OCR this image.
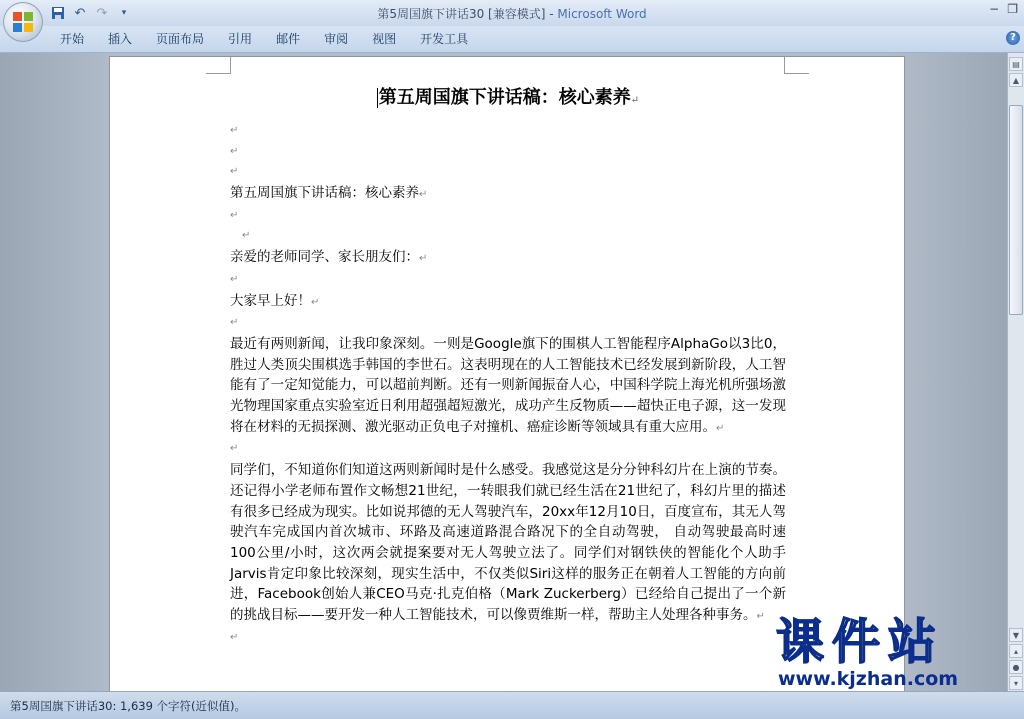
↶ ↷	▾	第5周国旗下讲话30 [兼容模式] - Microsoft Word	− ❐
开始	插入	页面布局	引用	邮件	审阅	视图	开发工具	?
第五周国旗下讲话稿：核心素养↵
↵
↵
↵

第五周国旗下讲话稿：核心素养↵

↵
↵

亲爱的老师同学、家长朋友们：↵

↵

大家早上好！↵

↵

最近有两则新闻，让我印象深刻。一则是Google旗下的围棋人工智能程序AlphaGo以3比0，胜过人类顶尖围棋选手韩国的李世石。这表明现在的人工智能技术已经发展到新阶段，人工智能有了一定知觉能力，可以超前判断。还有一则新闻振奋人心，中国科学院上海光机所强场激光物理国家重点实验室近日利用超强超短激光，成功产生反物质——超快正电子源，这一发现将在材料的无损探测、激光驱动正负电子对撞机、癌症诊断等领域具有重大应用。↵

↵

同学们，不知道你们知道这两则新闻时是什么感受。我感觉这是分分钟科幻片在上演的节奏。还记得小学老师布置作文畅想21世纪，一转眼我们就已经生活在21世纪了，科幻片里的描述有很多已经成为现实。比如说邦德的无人驾驶汽车，20xx年12月10日，百度宣布，其无人驾驶汽车完成国内首次城市、环路及高速道路混合路况下的全自动驾驶， 自动驾驶最高时速100公里/小时，这次两会就提案要对无人驾驶立法了。同学们对钢铁侠的智能化个人助手Jarvis肯定印象比较深刻，现实生活中，不仅类似Siri这样的服务正在朝着人工智能的方向前进，Facebook创始人兼CEO马克·扎克伯格（Mark Zuckerberg）已经给自己提出了一个新的挑战目标——要开发一种人工智能技术，可以像贾维斯一样，帮助主人处理各种事务。↵

↵
▤
▲
▼
▴
●
▾
第5周国旗下讲话30: 1,639 个字符(近似值)。
课件站
www.kjzhan.com
